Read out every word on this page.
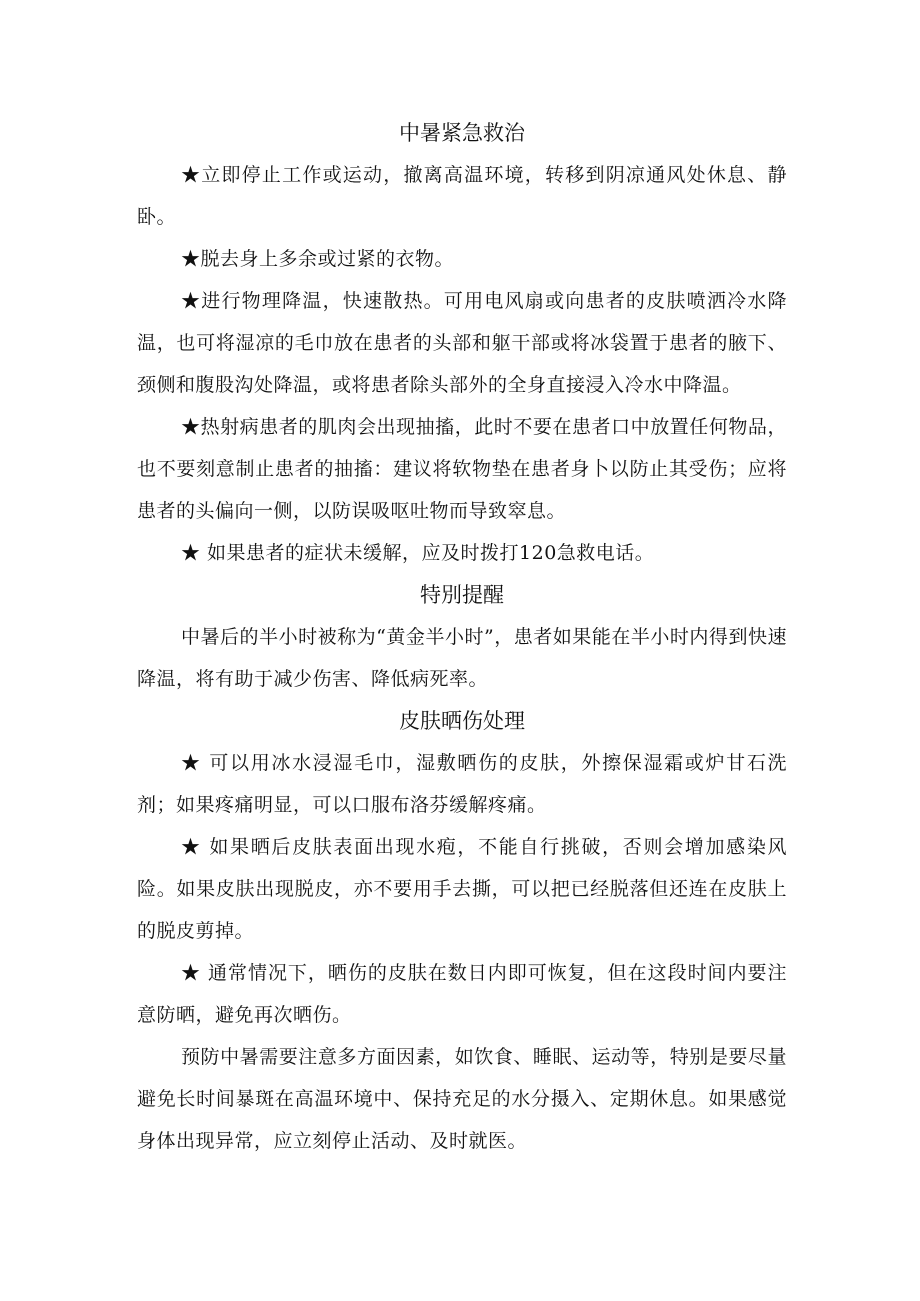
中暑紧急救治

★立即停止工作或运动，撤离高温环境，转移到阴凉通风处休息、静卧。

★脱去身上多余或过紧的衣物。

★进行物理降温，快速散热。可用电风扇或向患者的皮肤喷洒冷水降温，也可将湿凉的毛巾放在患者的头部和躯干部或将冰袋置于患者的腋下、颈侧和腹股沟处降温，或将患者除头部外的全身直接浸入冷水中降温。

★热射病患者的肌肉会出现抽搐，此时不要在患者口中放置任何物品，也不要刻意制止患者的抽搐：建议将软物垫在患者身卜以防止其受伤；应将患者的头偏向一侧，以防误吸呕吐物而导致窣息。

★ 如果患者的症状未缓解，应及时拨打120急救电话。

特別提醒

中暑后的半小时被称为“黄金半小时”，患者如果能在半小时内得到快速降温，将有助于减少伤害、降低病死率。

皮肤晒伤处理

★ 可以用冰水浸湿毛巾，湿敷晒伤的皮肤，外擦保湿霜或炉甘石洗剂；如果疼痛明显，可以口服布洛芬缓解疼痛。

★ 如果晒后皮肤表面出现水疱，不能自行挑破，否则会增加感染风险。如果皮肤出现脱皮，亦不要用手去撕，可以把已经脱落但还连在皮肤上的脱皮剪掉。

★ 通常情况下，晒伤的皮肤在数日内即可恢复，但在这段时间内要注意防晒，避免再次晒伤。

预防中暑需要注意多方面因素，如饮食、睡眠、运动等，特别是要尽量避免长时间暴斑在高温环境中、保持充足的水分摄入、定期休息。如果感觉身体出现异常，应立刻停止活动、及时就医。
